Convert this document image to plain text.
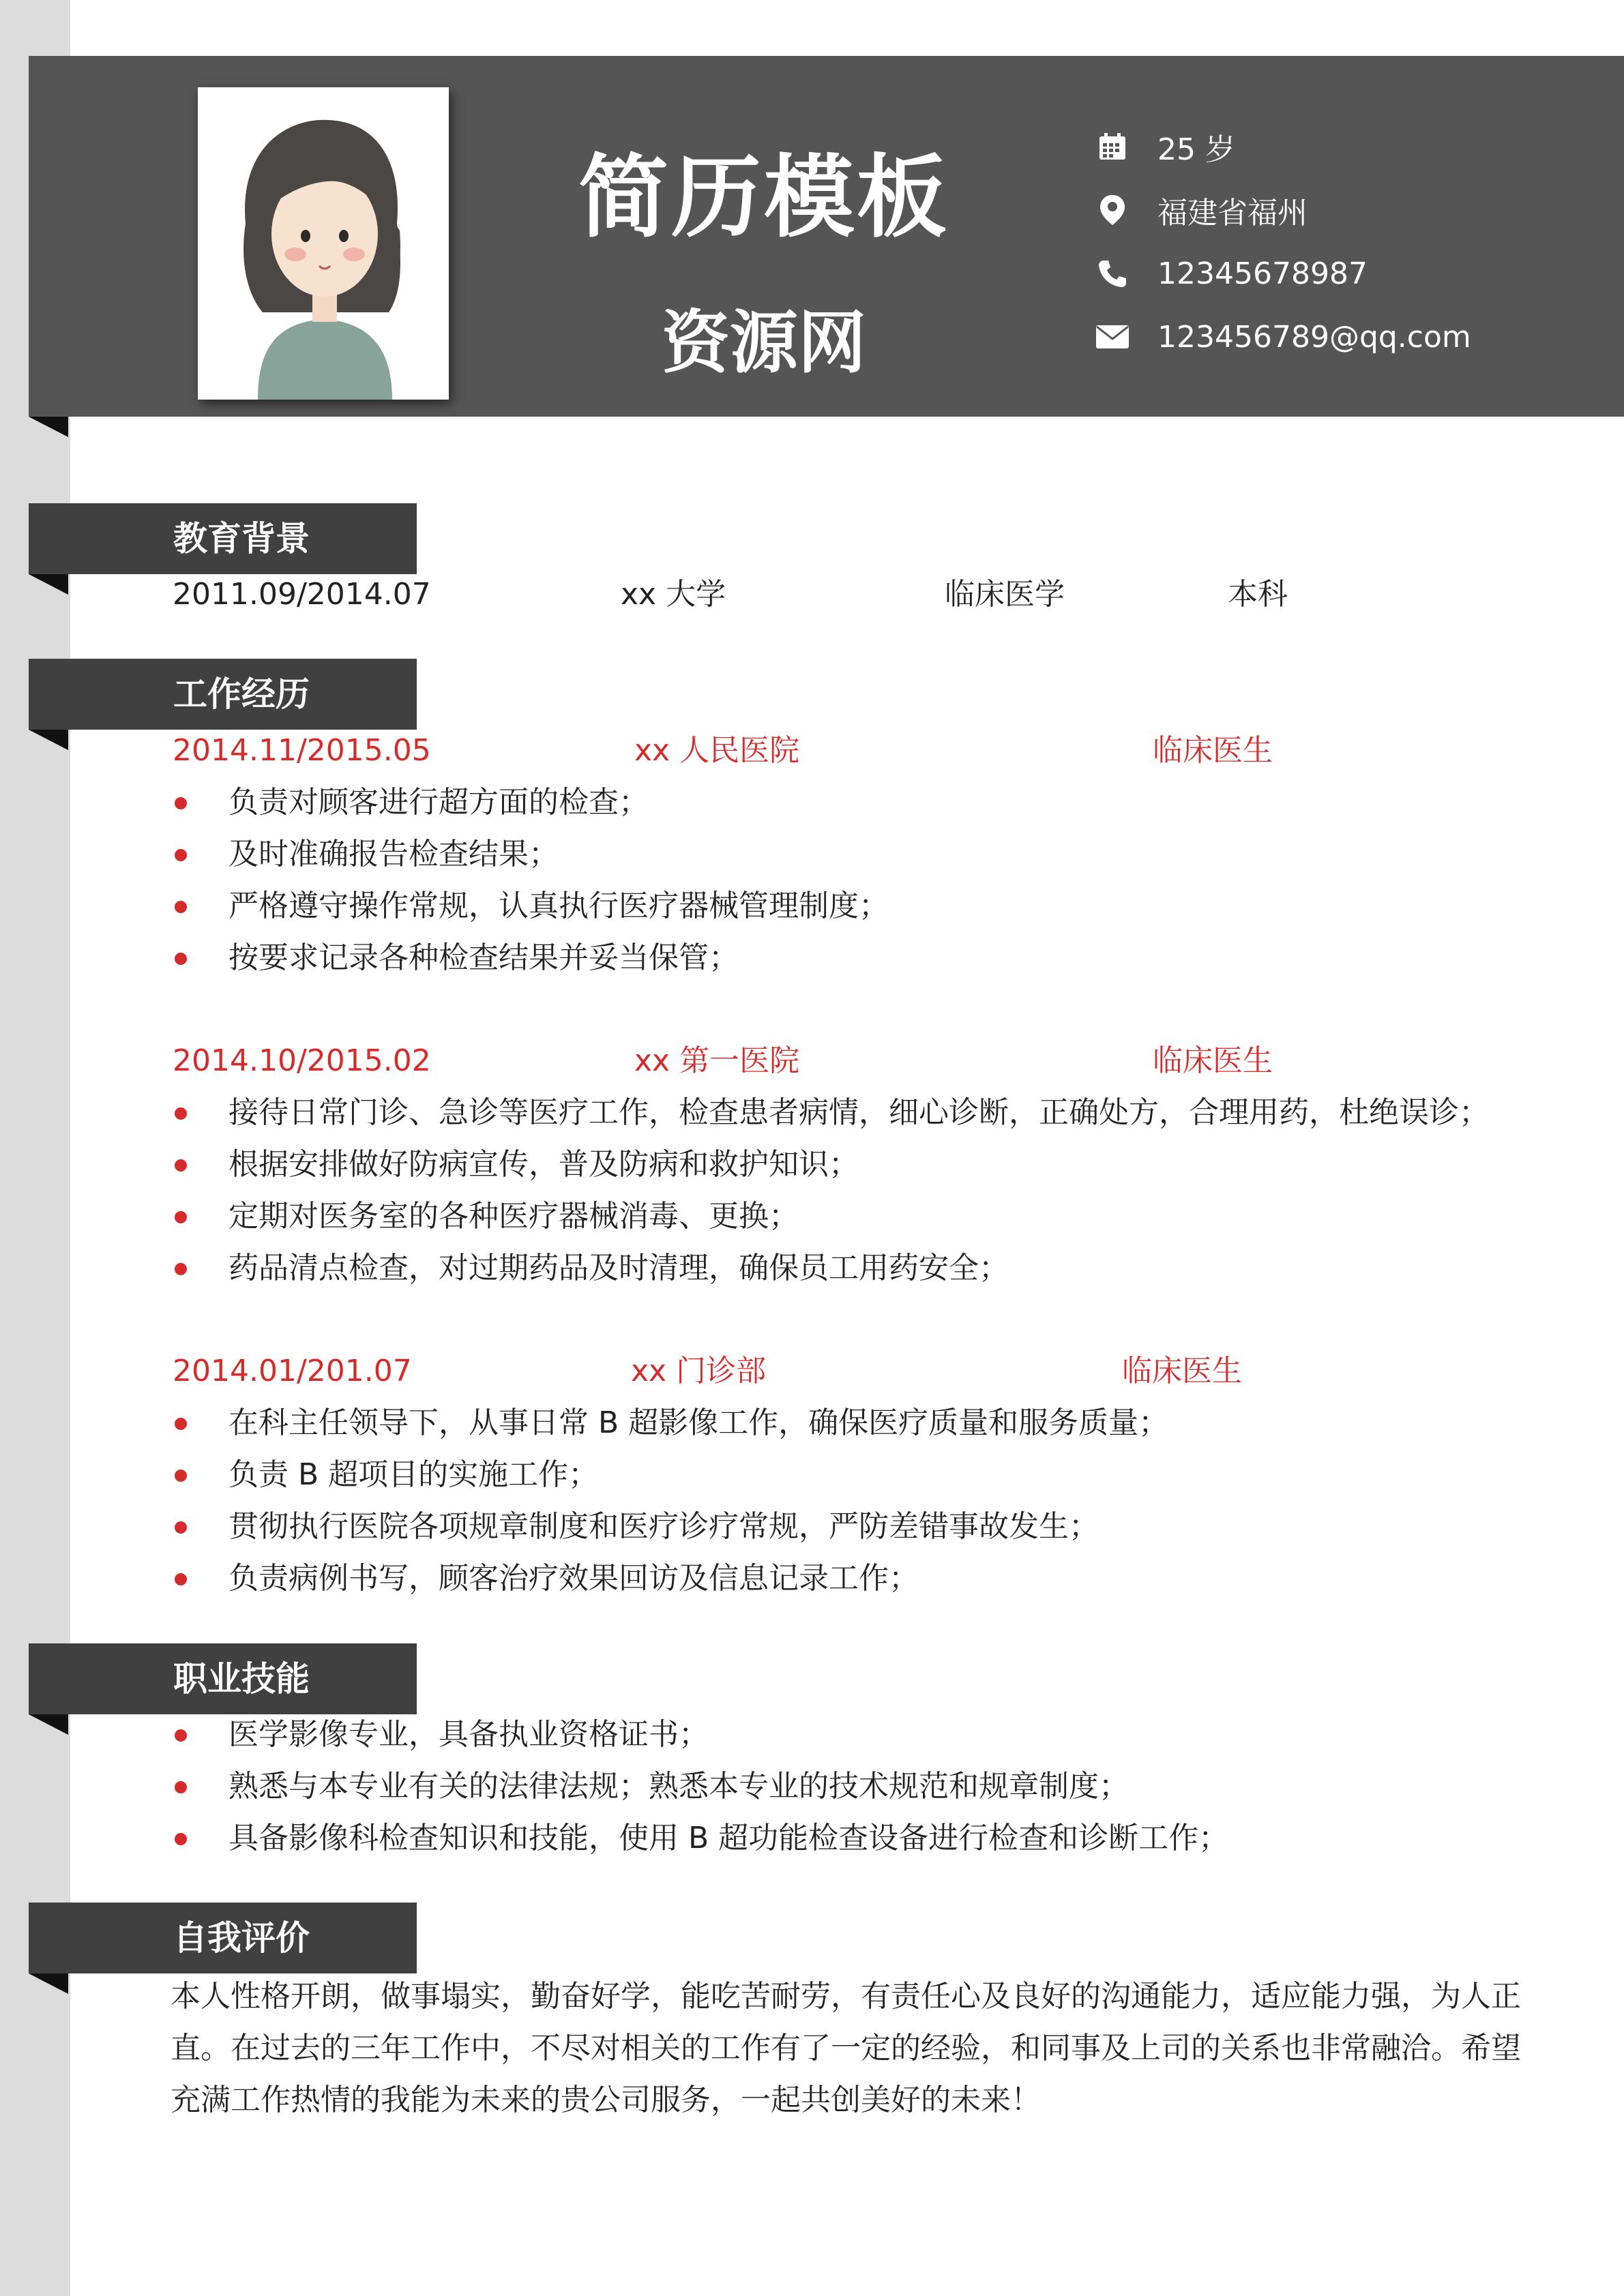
简历模板
资源网
25 岁
福建省福州
12345678987
123456789@qq.com
教育背景
2011.09/2014.07	xx 大学	临床医学	本科
工作经历
2014.11/2015.05	xx 人民医院	临床医生
负责对顾客进行超方面的检查；
及时准确报告检查结果；
严格遵守操作常规，认真执行医疗器械管理制度；
按要求记录各种检查结果并妥当保管；
2014.10/2015.02	xx 第一医院	临床医生
接待日常门诊、急诊等医疗工作，检查患者病情，细心诊断，正确处方，合理用药，杜绝误诊；
根据安排做好防病宣传，普及防病和救护知识；
定期对医务室的各种医疗器械消毒、更换；
药品清点检查，对过期药品及时清理，确保员工用药安全；
2014.01/201.07	xx 门诊部	临床医生
在科主任领导下，从事日常 B 超影像工作，确保医疗质量和服务质量；
负责 B 超项目的实施工作；
贯彻执行医院各项规章制度和医疗诊疗常规，严防差错事故发生；
负责病例书写，顾客治疗效果回访及信息记录工作；
职业技能
医学影像专业，具备执业资格证书；
熟悉与本专业有关的法律法规；熟悉本专业的技术规范和规章制度；
具备影像科检查知识和技能，使用 B 超功能检查设备进行检查和诊断工作；
自我评价
本人性格开朗，做事塌实，勤奋好学，能吃苦耐劳，有责任心及良好的沟通能力，适应能力强，为人正
直。在过去的三年工作中，不尽对相关的工作有了一定的经验，和同事及上司的关系也非常融洽。希望
充满工作热情的我能为未来的贵公司服务，一起共创美好的未来！
